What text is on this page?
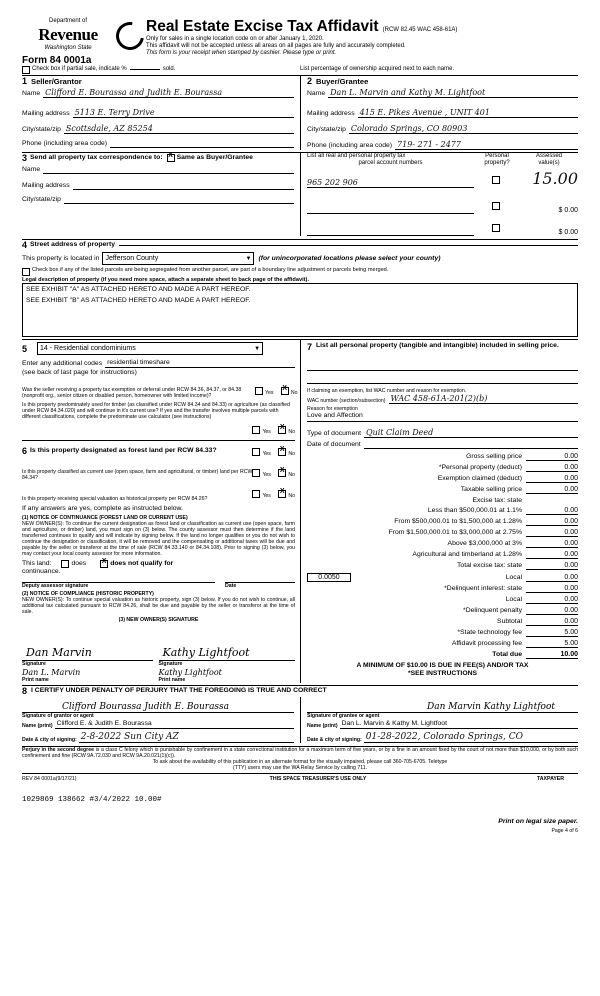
Department of
Revenue
Washington State
Form 84 0001a
Real Estate Excise Tax Affidavit (RCW 82.45 WAC 458-61A)
Only for sales in a single location code on or after January 1, 2020.
This affidavit will not be accepted unless all areas on all pages are fully and accurately completed.
This form is your receipt when stamped by cashier. Please type or print.
Check box if partial sale, indicate %	sold.	List percentage of ownership acquired next to each name.
1 Seller/Grantor
Name Clifford E. Bourassa and Judith E. Bourassa
Mailing address 5113 E. Terry Drive
City/state/zip Scottsdale, AZ 85254
Phone (including area code)
2 Buyer/Grantee
Name Dan L. Marvin and Kathy M. Lightfoot
Mailing address 415 E. Pikes Avenue , UNIT 401
City/state/zip Colorado Springs, CO 80903
Phone (including area code) 719- 271 - 2477
3 Send all property tax correspondence to: X Same as Buyer/Grantee
Name
Mailing address
City/state/zip
List all real and personal property tax
parcel account numbers
Personal
property?
Assessed
value(s)
965 202 906	15.00
$ 0.00
$ 0.00
4 Street address of property
This property is located in Jefferson County	▼ (for unincorporated locations please select your county)
Check box if any of the listed parcels are being segregated from another parcel, are part of a boundary line adjustment or parcels being merged.
Legal description of property (if you need more space, attach a separate sheet to back page of the affidavit).
SEE EXHIBIT "A" AS ATTACHED HERETO AND MADE A PART HEREOF.
SEE EXHIBIT "B" AS ATTACHED HERETO AND MADE A PART HEREOF.
5 14 - Residential condominiums	▼
Enter any additional codes residential timeshare
(see back of last page for instructions)
Was the seller receiving a property tax exemption or deferral under RCW 84.36, 84.37, or 84.38 (nonprofit org., senior citizen or disabled person, homeowner with limited income)?	Yes X	No
Is this property predominately used for timber (as classified under RCW 84.34 and 84.33) or agriculture (as classified under RCW 84.34.020) and will continue in it's current use? If yes and the transfer involves multiple parcels with different classifications, complete the predominate use calculator (see instructions)
Yes X	No
6 Is this property designated as forest land per RCW 84.33?	Yes X	No
Is this property classified as current use (open space, farm and agricultural, or timber) land per RCW 84.34?	Yes X	No
Is this property receiving special valuation as historical property per RCW 84.26?	Yes X	No
If any answers are yes, complete as instructed below.
(1) NOTICE OF CONTINUANCE (FOREST LAND OR CURRENT USE)
NEW OWNER(S): To continue the current designation as forest land or classification as current use (open space, farm and agriculture, or timber) land, you must sign on (3) below. The county assessor must then determine if the land transferred continues to qualify and will indicate by signing below. If the land no longer qualifies or you do not wish to continue the designation or classification, it will be removed and the compensating or additional taxes will be due and payable by the seller or transferor at the time of sale (RCW 84.33.140 or 84.34.108). Prior to signing (3) below, you may contact your local county assessor for more information.
This land:	does X	does not qualify for
continuance.
Deputy assessor signature	Date
(2) NOTICE OF COMPLIANCE (HISTORIC PROPERTY)
NEW OWNER(S): To continue special valuation as historic property, sign (3) below. If you do not wish to continue, all additional tax calculated pursuant to RCW 84.26, shall be due and payable by the seller or transferor at the time of sale.
(3) NEW OWNER(S) SIGNATURE
Dan Marvin	Kathy Lightfoot
Signature	Signature
Dan L. Marvin	Kathy Lightfoot
Print name	Print name
7 List all personal property (tangible and intangible) included in selling price.
If claiming an exemption, list WAC number and reason for exemption.
WAC number (section/subsection) WAC 458-61A-201(2)(b)
Reason for exemption
Love and Affection
Type of document Quit Claim Deed
Date of document
Gross selling price	0.00
*Personal property (deduct)	0.00
Exemption claimed (deduct)	0.00
Taxable selling price	0.00
Excise tax: state
Less than $500,000.01 at 1.1%	0.00
From $500,000.01 to $1,500,000 at 1.28%	0.00
From $1,500,000.01 to $3,000,000 at 2.75%	0.00
Above $3,000,000 at 3%	0.00
Agricultural and timberland at 1.28%	0.00
Total excise tax: state	0.00
0.0050	Local	0.00
*Delinquent interest: state	0.00
Local	0.00
*Delinquent penalty	0.00
Subtotal	0.00
*State technology fee	5.00
Affidavit processing fee	5.00
Total due	10.00
A MINIMUM OF $10.00 IS DUE IN FEE(S) AND/OR TAX
*SEE INSTRUCTIONS
8 I CERTIFY UNDER PENALTY OF PERJURY THAT THE FOREGOING IS TRUE AND CORRECT
Clifford Bourassa Judith E. Bourassa
Signature of grantor or agent
Name (print) Clifford E. & Judith E. Bourassa
Date & city of signing: 2-8-2022 Sun City AZ
Dan Marvin Kathy Lightfoot
Signature of grantee or agent
Name (print) Dan L. Marvin & Kathy M. Lightfoot
Date & city of signing: 01-28-2022, Colorado Springs, CO
Perjury in the second degree is a class C felony which is punishable by confinement in a state correctional institution for a maximum term of five years, or by a fine in an amount fixed by the court of not more than $10,000, or by both such confinement and fine (RCW 9A.72.030 and RCW 9A.20.021(1)(c)).
To ask about the availability of this publication in an alternate format for the visually impaired, please call 360-705-6705. Teletype
(TTY) users may use the WA Relay Service by calling 711.
REV 84 0001a(9/17/21)	THIS SPACE TREASURER'S USE ONLY	TAXPAYER
1029869 138662 #3/4/2022 10.00#
Print on legal size paper.
Page 4 of 6
